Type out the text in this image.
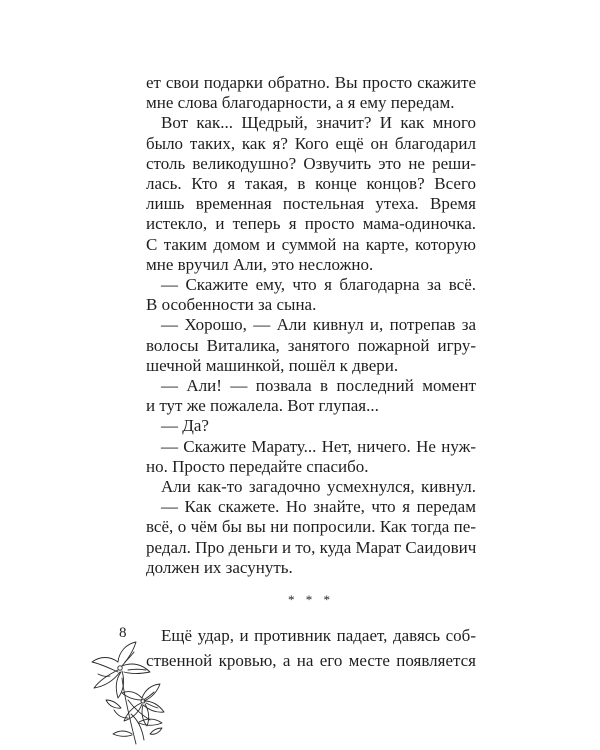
ет свои подарки обратно. Вы просто скажите
мне слова благодарности, а я ему передам.
Вот как... Щедрый, значит? И как много
было таких, как я? Кого ещё он благодарил
столь великодушно? Озвучить это не реши-
лась. Кто я такая, в конце концов? Всего
лишь временная постельная утеха. Время
истекло, и теперь я просто мама-одиночка.
С таким домом и суммой на карте, которую
мне вручил Али, это несложно.
— Скажите ему, что я благодарна за всё.
В особенности за сына.
— Хорошо, — Али кивнул и, потрепав за
волосы Виталика, занятого пожарной игру-
шечной машинкой, пошёл к двери.
— Али! — позвала в последний момент
и тут же пожалела. Вот глупая...
— Да?
— Скажите Марату... Нет, ничего. Не нуж-
но. Просто передайте спасибо.
Али как-то загадочно усмехнулся, кивнул.
— Как скажете. Но знайте, что я передам
всё, о чём бы вы ни попросили. Как тогда пе-
редал. Про деньги и то, куда Марат Саидович
должен их засунуть.
* * *
8 Ещё удар, и противник падает, давясь соб-
ственной кровью, а на его месте появляется
